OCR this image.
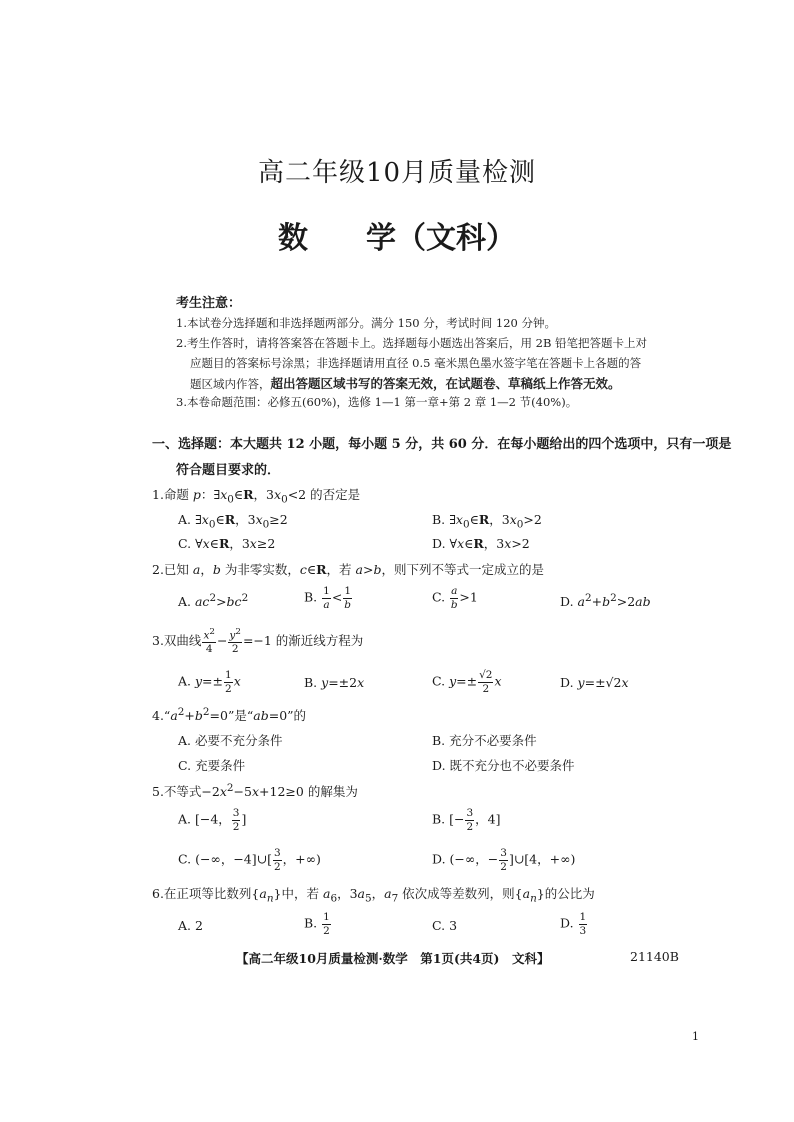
高二年级10月质量检测
数 学（文科）
考生注意：
1.本试卷分选择题和非选择题两部分。满分 150 分，考试时间 120 分钟。
2.考生作答时，请将答案答在答题卡上。选择题每小题选出答案后，用 2B 铅笔把答题卡上对
应题目的答案标号涂黑；非选择题请用直径 0.5 毫米黑色墨水签字笔在答题卡上各题的答
题区域内作答，超出答题区域书写的答案无效，在试题卷、草稿纸上作答无效。
3.本卷命题范围：必修五(60%)，选修 1—1 第一章+第 2 章 1—2 节(40%)。
一、选择题：本大题共 12 小题，每小题 5 分，共 60 分．在每小题给出的四个选项中，只有一项是
符合题目要求的．
1.命题 p：$\exists x_0\in R$，$3x_0<2$ 的否定是
A. $\exists x_0\in R$，$3x_0\ge 2$	B. $\exists x_0\in R$，$3x_0>2$
C. ∀x∈R，3x≥2	D. ∀x∈R，3x>2
2.已知 a，b 为非零实数，c∈R，若 a>b，则下列不等式一定成立的是
A. $ac^2>bc^2$	B. $\frac{1}{a} < \frac{1}{b}$	C. $\frac{a}{b} >1$	D. $a^2+b^2>2ab$
3.双曲线 $\frac{x^2}{4} - \frac{y^2}{2} =-1$ 的渐近线方程为
A. $y=\pm \frac{1}{2}$ x	B. y=±2x	C. $y=\pm \frac{√2}{2}$ x	D. y=±√2x
$4.“a^2+b^2=0$”是“ab=0”的
A. 必要不充分条件	B. 充分不必要条件
C. 充要条件	D. 既不充分也不必要条件
5.不等式$-2x^2-5x+12\ge 0$ 的解集为
A. [−4， $\frac{3}{2}$ ]	B. [− $\frac{3}{2}$ ，4]
C. (−∞，−4]∪[ $\frac{3}{2}$ ，+∞)	D. (−∞，− $\frac{3}{2}$ ]∪[4，+∞)
6.在正项等比数列$\{a_n\}$中，若 $a_6$，$3a_5$，$a_7$ 依次成等差数列，则$\{a_n\}$的公比为
A. 2	B. $\frac{1}{2}$	C. 3	D. $\frac{1}{3}$
【高二年级10月质量检测·数学　第1页(共4页)　文科】	21140B
1
